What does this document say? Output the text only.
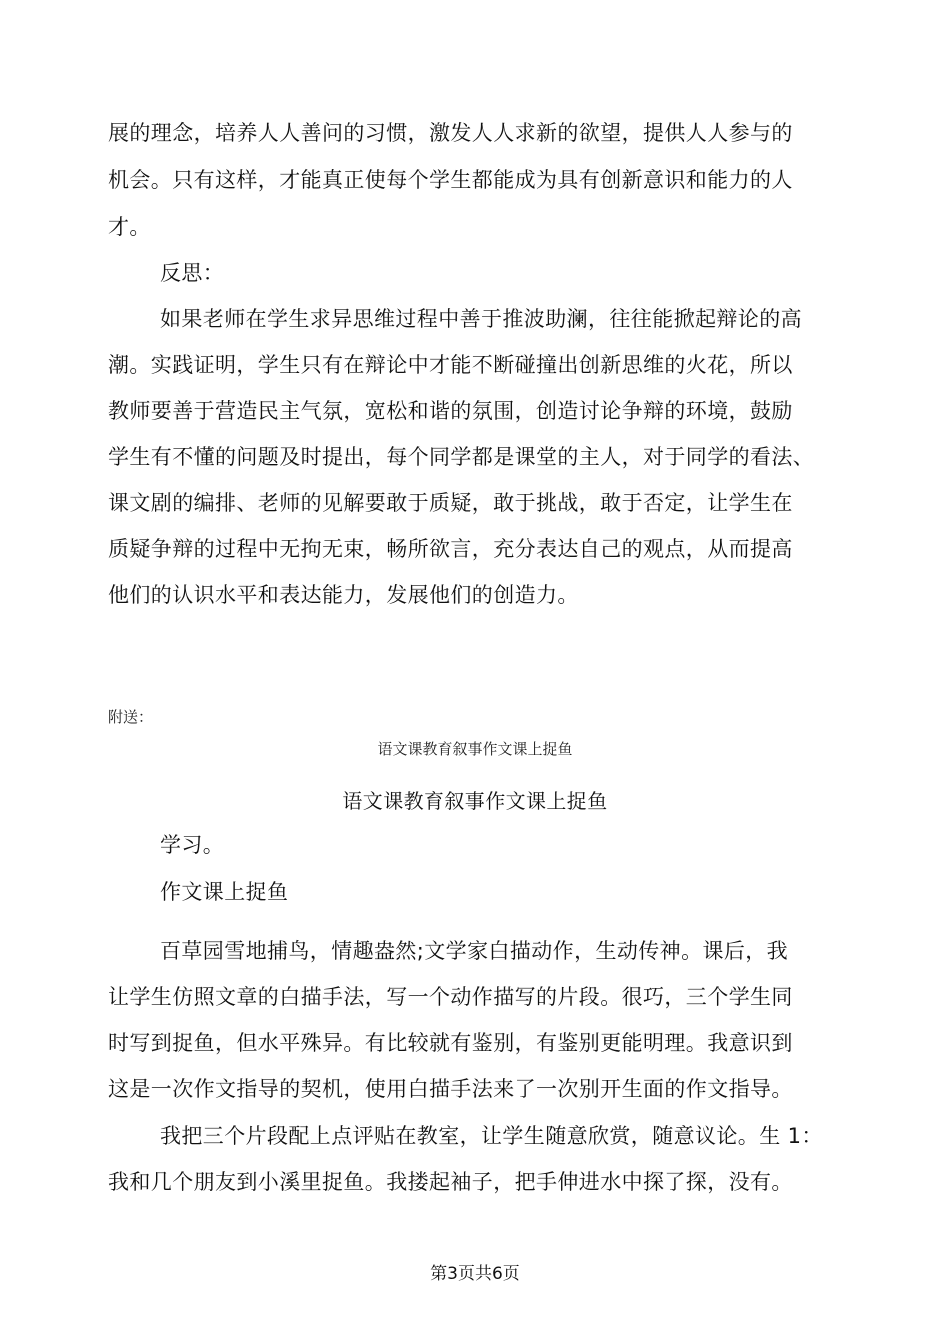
展的理念，培养人人善问的习惯，激发人人求新的欲望，提供人人参与的
机会。只有这样，才能真正使每个学生都能成为具有创新意识和能力的人
才。
反思：
如果老师在学生求异思维过程中善于推波助澜，往往能掀起辩论的高
潮。实践证明，学生只有在辩论中才能不断碰撞出创新思维的火花，所以
教师要善于营造民主气氛，宽松和谐的氛围，创造讨论争辩的环境，鼓励
学生有不懂的问题及时提出，每个同学都是课堂的主人，对于同学的看法、
课文剧的编排、老师的见解要敢于质疑，敢于挑战，敢于否定，让学生在
质疑争辩的过程中无拘无束，畅所欲言，充分表达自己的观点，从而提高
他们的认识水平和表达能力，发展他们的创造力。
附送：
语文课教育叙事作文课上捉鱼
语文课教育叙事作文课上捉鱼
学习。
作文课上捉鱼
百草园雪地捕鸟，情趣盎然;文学家白描动作，生动传神。课后，我
让学生仿照文章的白描手法，写一个动作描写的片段。很巧，三个学生同
时写到捉鱼，但水平殊异。有比较就有鉴别，有鉴别更能明理。我意识到
这是一次作文指导的契机，使用白描手法来了一次别开生面的作文指导。
我把三个片段配上点评贴在教室，让学生随意欣赏，随意议论。生 1：
我和几个朋友到小溪里捉鱼。我搂起袖子，把手伸进水中探了探，没有。
第3页共6页
